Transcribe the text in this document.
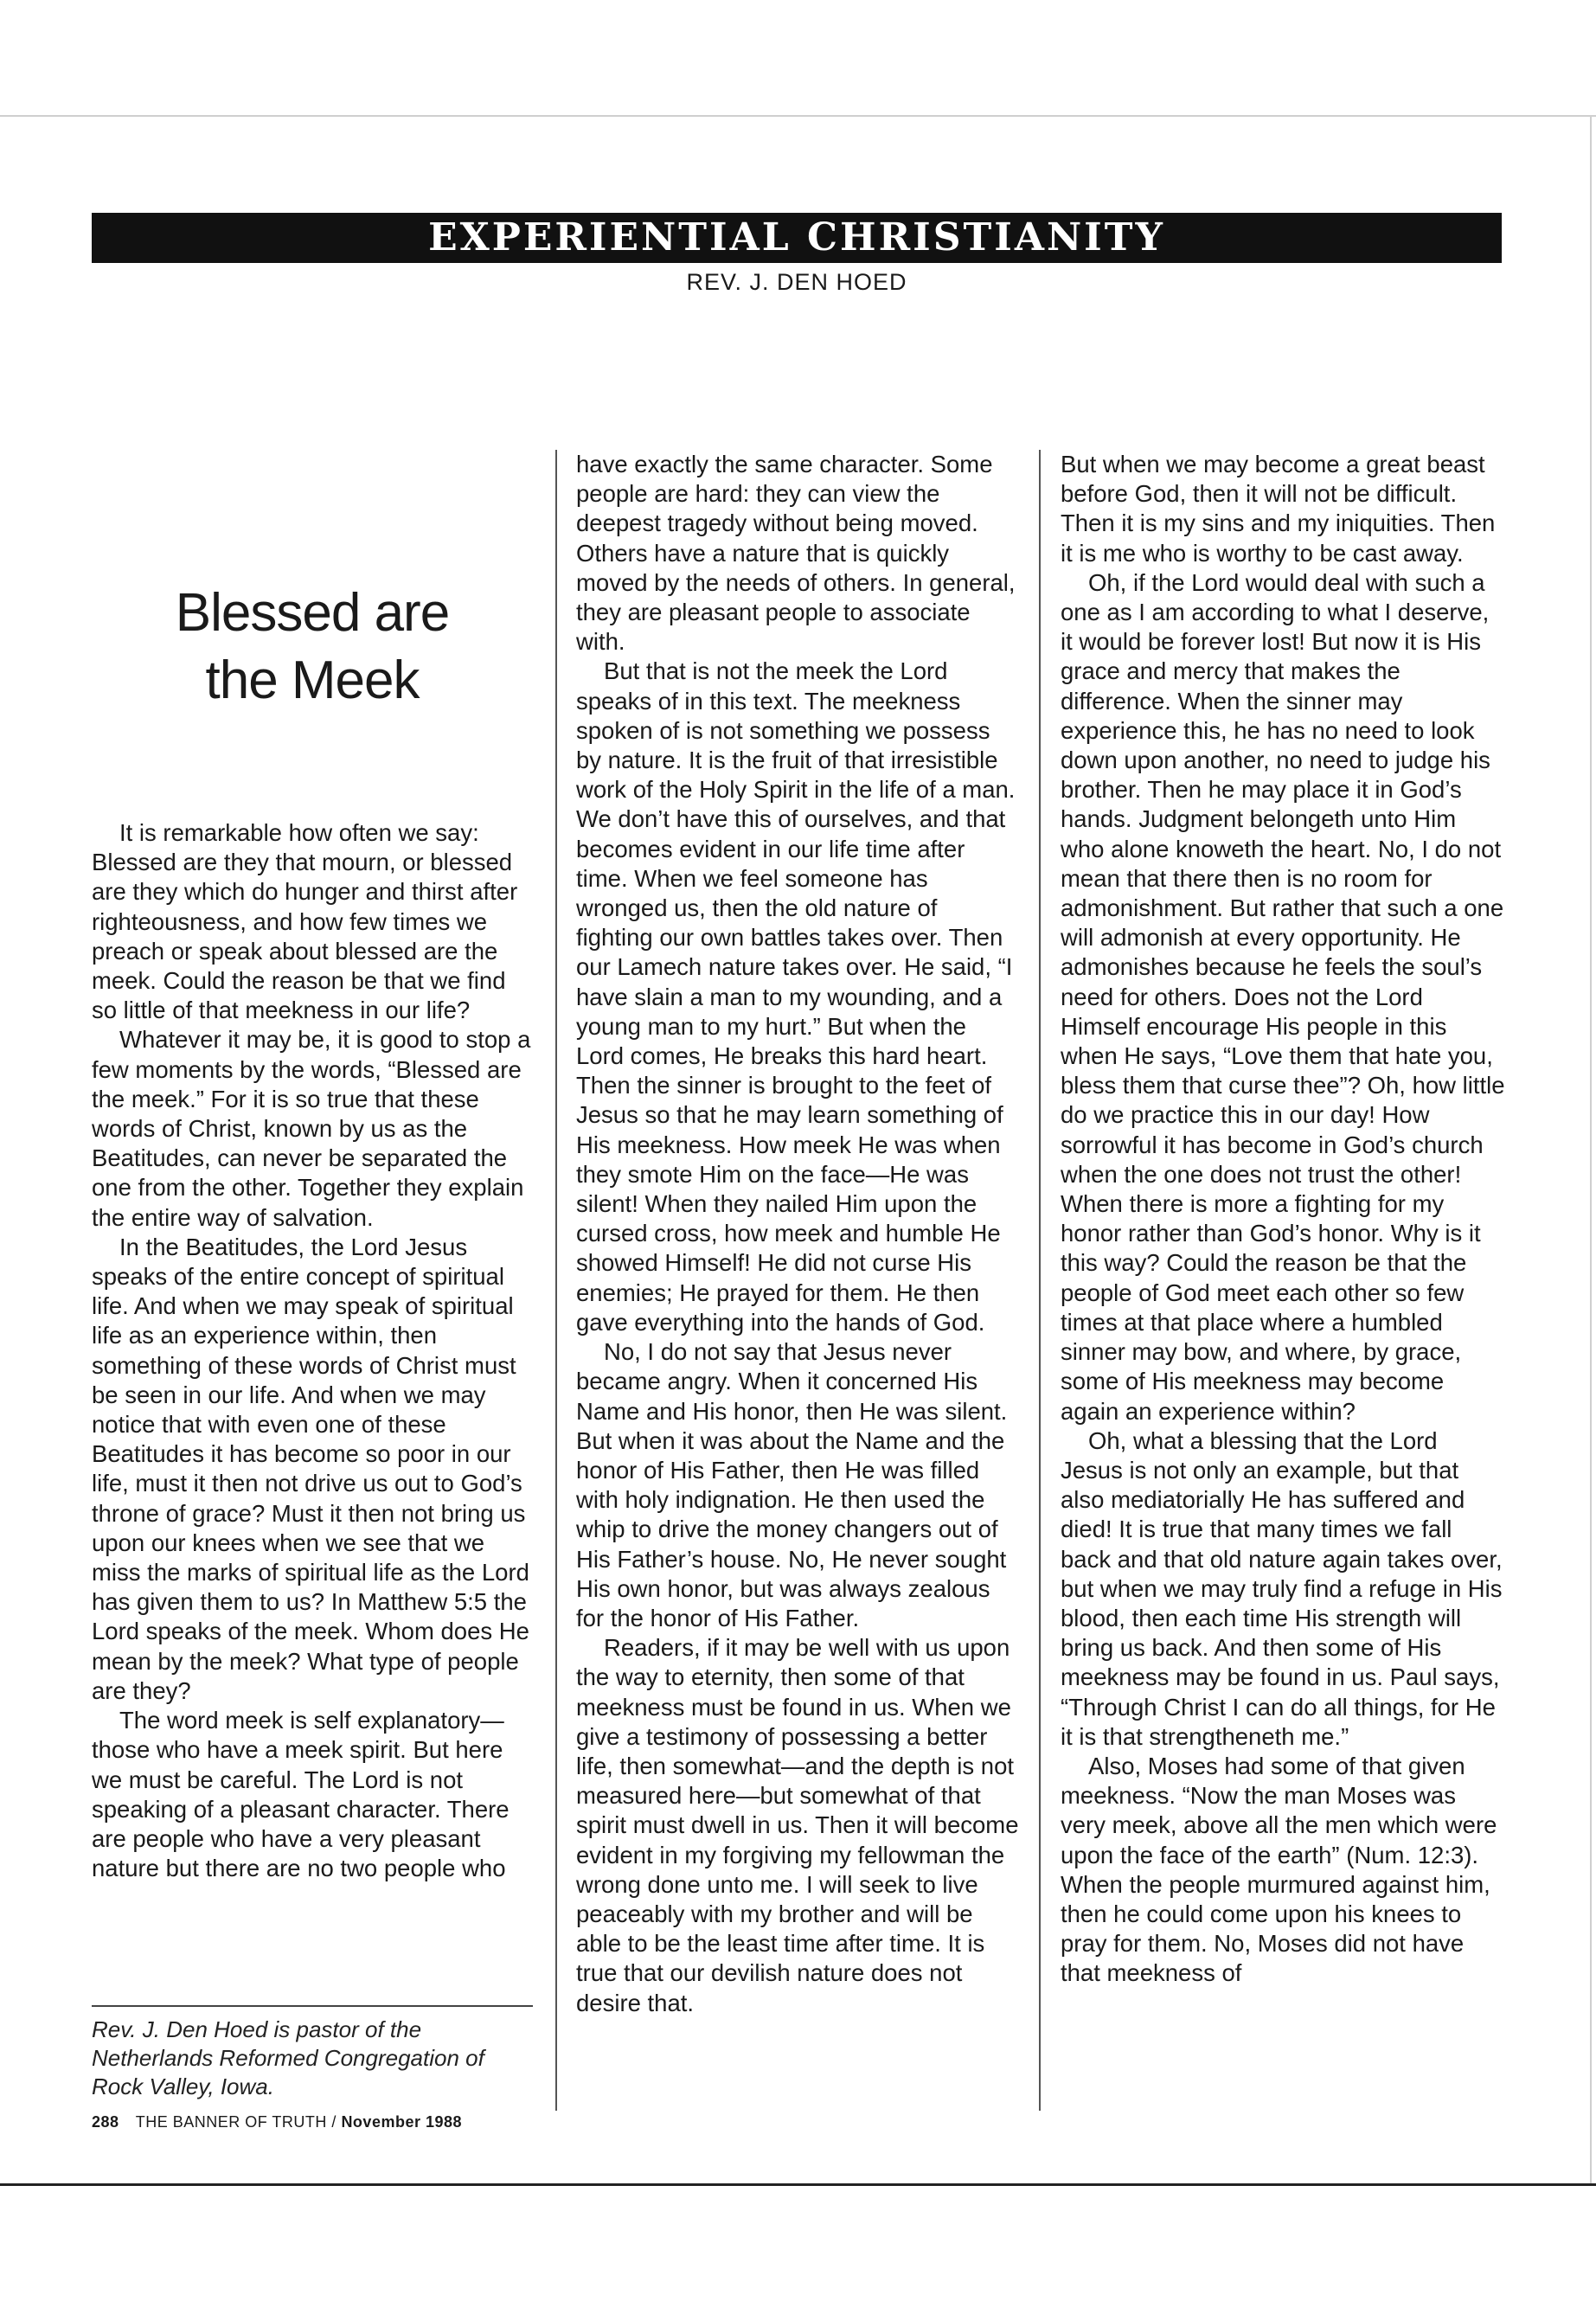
EXPERIENTIAL CHRISTIANITY
REV. J. DEN HOED
Blessed are
the Meek

It is remarkable how often we say: Blessed are they that mourn, or blessed are they which do hunger and thirst after righteousness, and how few times we preach or speak about blessed are the meek. Could the reason be that we find so little of that meekness in our life?

Whatever it may be, it is good to stop a few moments by the words, “Blessed are the meek.” For it is so true that these words of Christ, known by us as the Beatitudes, can never be separated the one from the other. Together they explain the entire way of salvation.

In the Beatitudes, the Lord Jesus speaks of the entire concept of spiritual life. And when we may speak of spiritual life as an experience within, then something of these words of Christ must be seen in our life. And when we may notice that with even one of these Beatitudes it has become so poor in our life, must it then not drive us out to God’s throne of grace? Must it then not bring us upon our knees when we see that we miss the marks of spiritual life as the Lord has given them to us? In Matthew 5:5 the Lord speaks of the meek. Whom does He mean by the meek? What type of people are they?

The word meek is self explanatory—those who have a meek spirit. But here we must be careful. The Lord is not speaking of a pleasant character. There are people who have a very pleasant nature but there are no two people who

have exactly the same character. Some people are hard: they can view the deepest tragedy without being moved. Others have a nature that is quickly moved by the needs of others. In general, they are pleasant people to associate with.

But that is not the meek the Lord speaks of in this text. The meekness spoken of is not something we possess by nature. It is the fruit of that irresistible work of the Holy Spirit in the life of a man. We don’t have this of ourselves, and that becomes evident in our life time after time. When we feel someone has wronged us, then the old nature of fighting our own battles takes over. Then our Lamech nature takes over. He said, “I have slain a man to my wounding, and a young man to my hurt.” But when the Lord comes, He breaks this hard heart. Then the sinner is brought to the feet of Jesus so that he may learn something of His meekness. How meek He was when they smote Him on the face—He was silent! When they nailed Him upon the cursed cross, how meek and humble He showed Himself! He did not curse His enemies; He prayed for them. He then gave everything into the hands of God.

No, I do not say that Jesus never became angry. When it concerned His Name and His honor, then He was silent. But when it was about the Name and the honor of His Father, then He was filled with holy indignation. He then used the whip to drive the money changers out of His Father’s house. No, He never sought His own honor, but was always zealous for the honor of His Father.

Readers, if it may be well with us upon the way to eternity, then some of that meekness must be found in us. When we give a testimony of possessing a better life, then somewhat—and the depth is not measured here—but somewhat of that spirit must dwell in us. Then it will become evident in my forgiving my fellowman the wrong done unto me. I will seek to live peaceably with my brother and will be able to be the least time after time. It is true that our devilish nature does not desire that.

But when we may become a great beast before God, then it will not be difficult. Then it is my sins and my iniquities. Then it is me who is worthy to be cast away.

Oh, if the Lord would deal with such a one as I am according to what I deserve, it would be forever lost! But now it is His grace and mercy that makes the difference. When the sinner may experience this, he has no need to look down upon another, no need to judge his brother. Then he may place it in God’s hands. Judgment belongeth unto Him who alone knoweth the heart. No, I do not mean that there then is no room for admonishment. But rather that such a one will admonish at every opportunity. He admonishes because he feels the soul’s need for others. Does not the Lord Himself encourage His people in this when He says, “Love them that hate you, bless them that curse thee”? Oh, how little do we practice this in our day! How sorrowful it has become in God’s church when the one does not trust the other! When there is more a fighting for my honor rather than God’s honor. Why is it this way? Could the reason be that the people of God meet each other so few times at that place where a humbled sinner may bow, and where, by grace, some of His meekness may become again an experience within?

Oh, what a blessing that the Lord Jesus is not only an example, but that also mediatorially He has suffered and died! It is true that many times we fall back and that old nature again takes over, but when we may truly find a refuge in His blood, then each time His strength will bring us back. And then some of His meekness may be found in us. Paul says, “Through Christ I can do all things, for He it is that strengtheneth me.”

Also, Moses had some of that given meekness. “Now the man Moses was very meek, above all the men which were upon the face of the earth” (Num. 12:3). When the people murmured against him, then he could come upon his knees to pray for them. No, Moses did not have that meekness of

Rev. J. Den Hoed is pastor of the Netherlands Reformed Congregation of Rock Valley, Iowa.
288 THE BANNER OF TRUTH / November 1988
